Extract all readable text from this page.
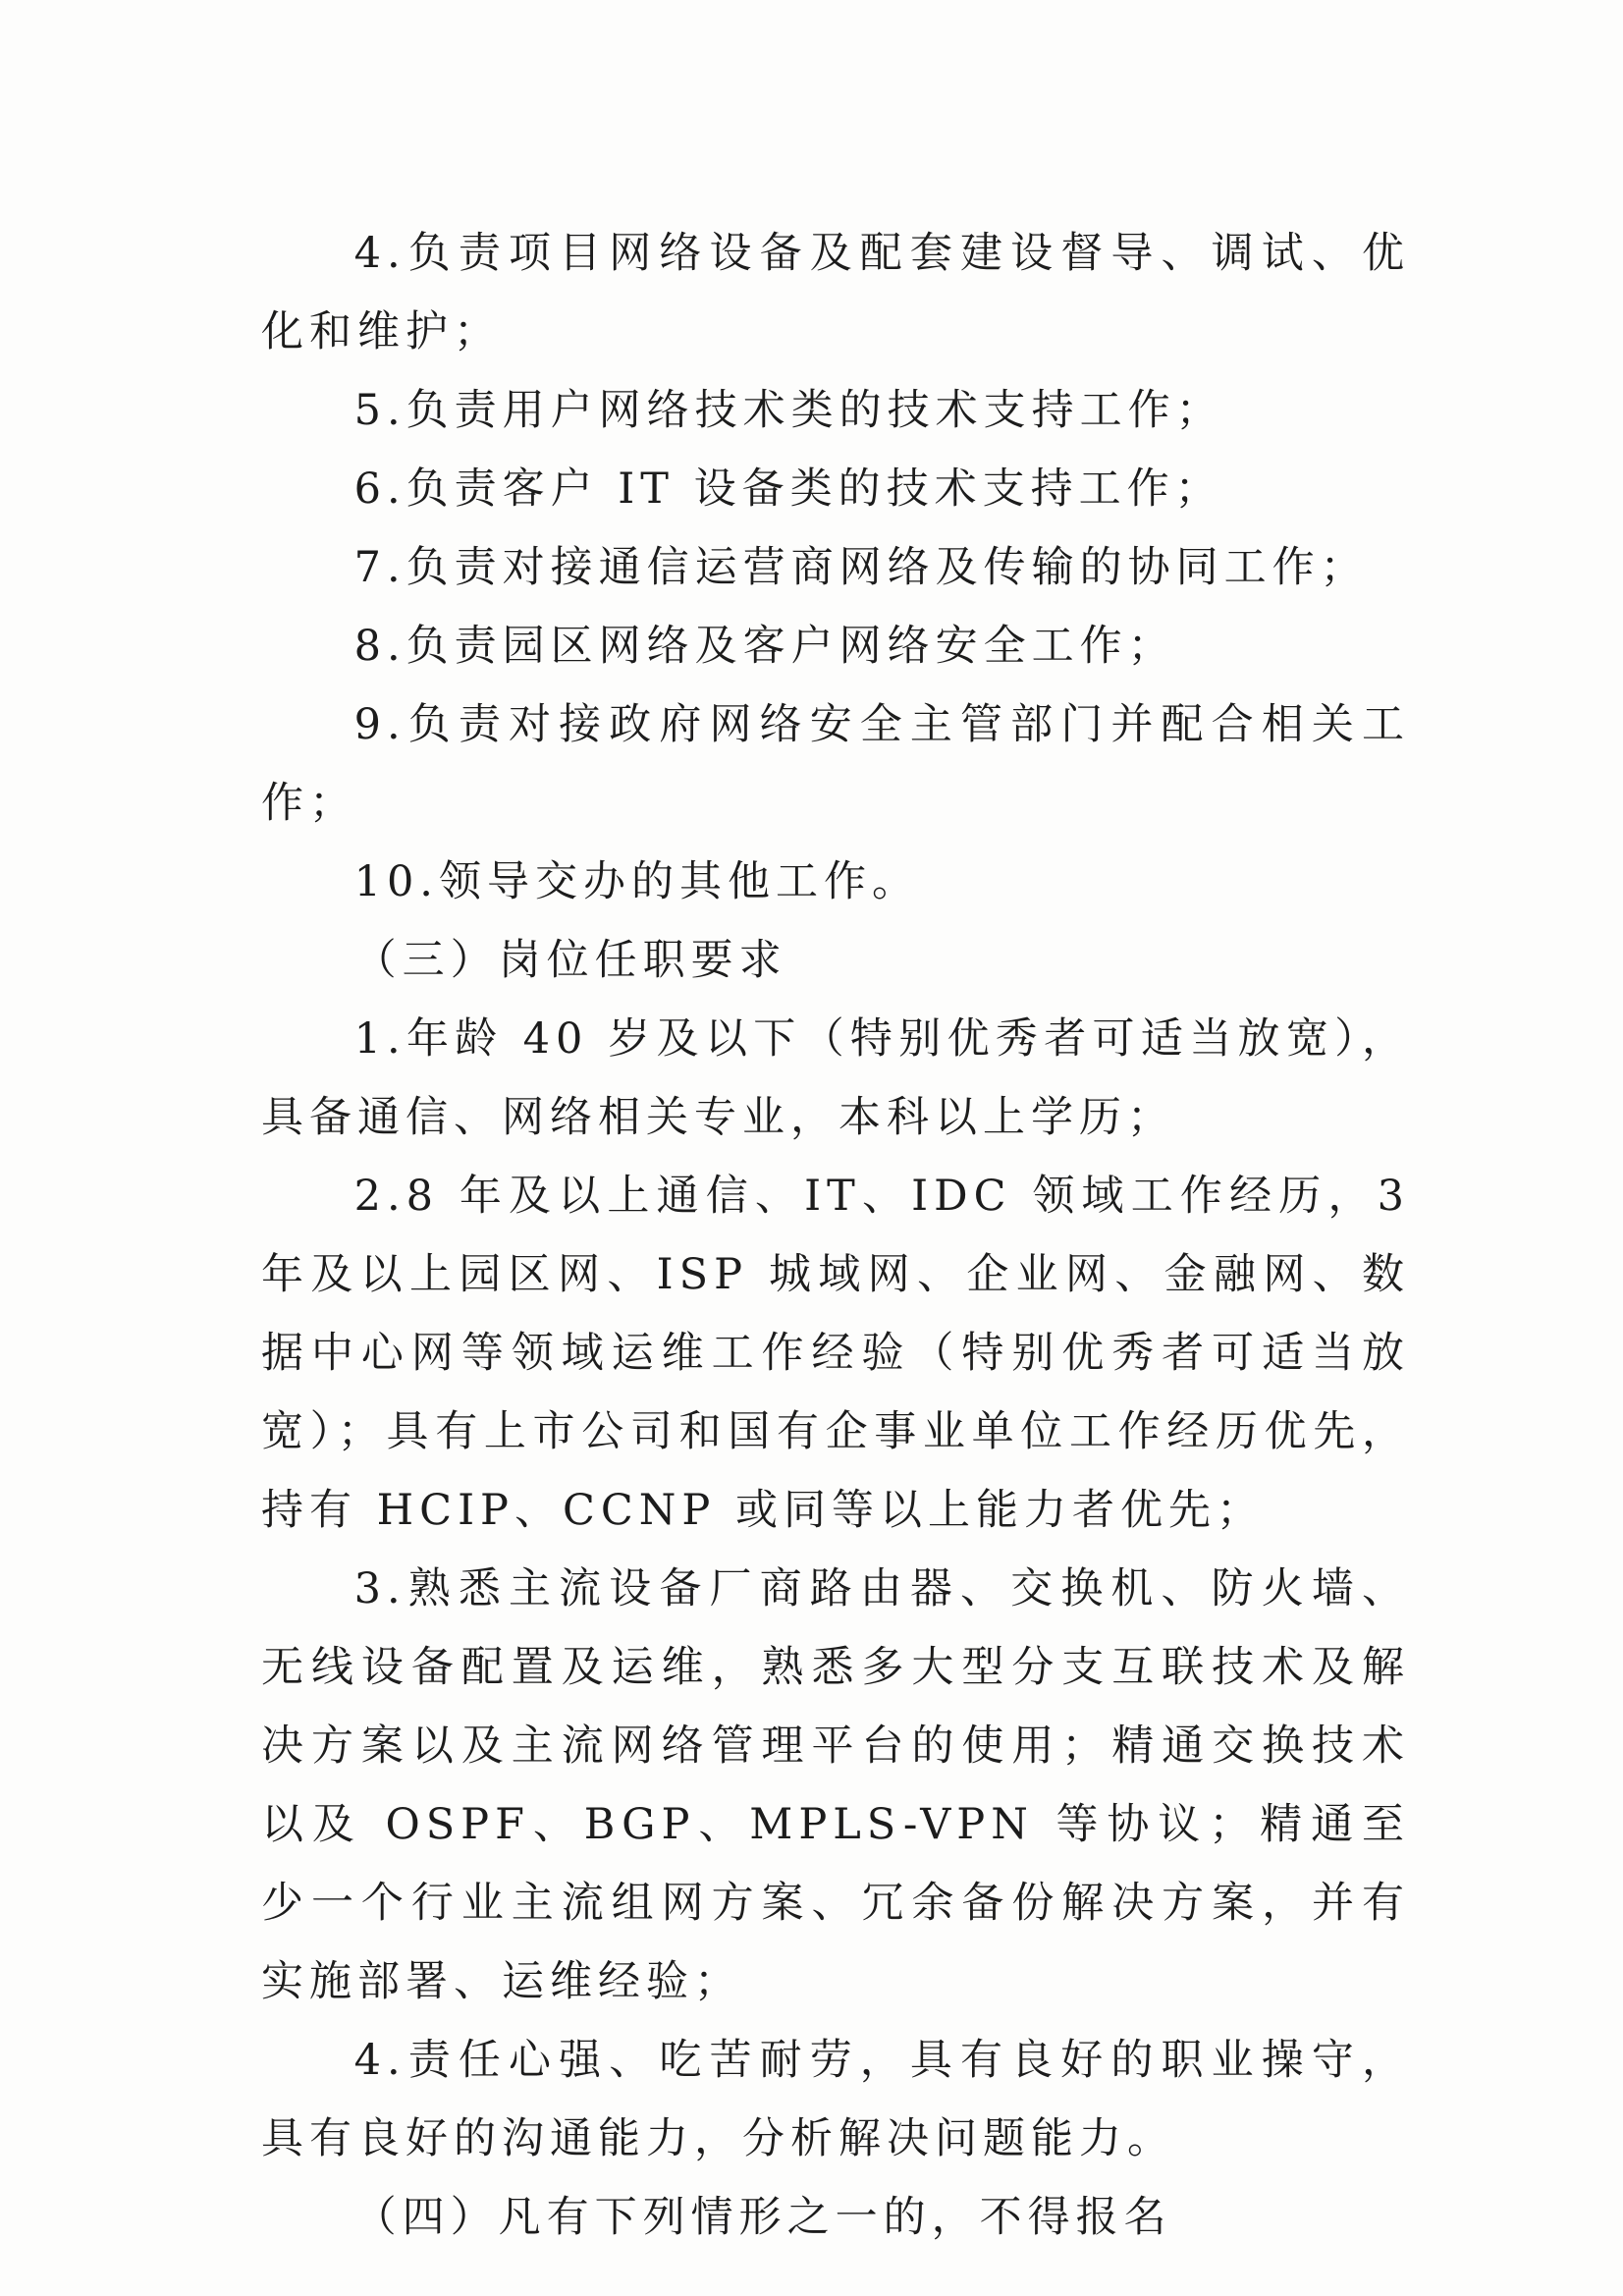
4.负责项目网络设备及配套建设督导、调试、优化和维护；

5.负责用户网络技术类的技术支持工作；

6.负责客户 IT 设备类的技术支持工作；

7.负责对接通信运营商网络及传输的协同工作；

8.负责园区网络及客户网络安全工作；

9.负责对接政府网络安全主管部门并配合相关工作；

10.领导交办的其他工作。

（三）岗位任职要求

1.年龄 40 岁及以下（特别优秀者可适当放宽），具备通信、网络相关专业，本科以上学历；

2.8 年及以上通信、IT、IDC 领域工作经历，3 年及以上园区网、ISP 城域网、企业网、金融网、数据中心网等领域运维工作经验（特别优秀者可适当放宽）；具有上市公司和国有企事业单位工作经历优先，持有 HCIP、CCNP 或同等以上能力者优先；

3.熟悉主流设备厂商路由器、交换机、防火墙、无线设备配置及运维，熟悉多大型分支互联技术及解决方案以及主流网络管理平台的使用；精通交换技术以及 OSPF、BGP、MPLS-VPN 等协议；精通至少一个行业主流组网方案、冗余备份解决方案，并有实施部署、运维经验；

4.责任心强、吃苦耐劳，具有良好的职业操守，具有良好的沟通能力，分析解决问题能力。

（四）凡有下列情形之一的，不得报名
